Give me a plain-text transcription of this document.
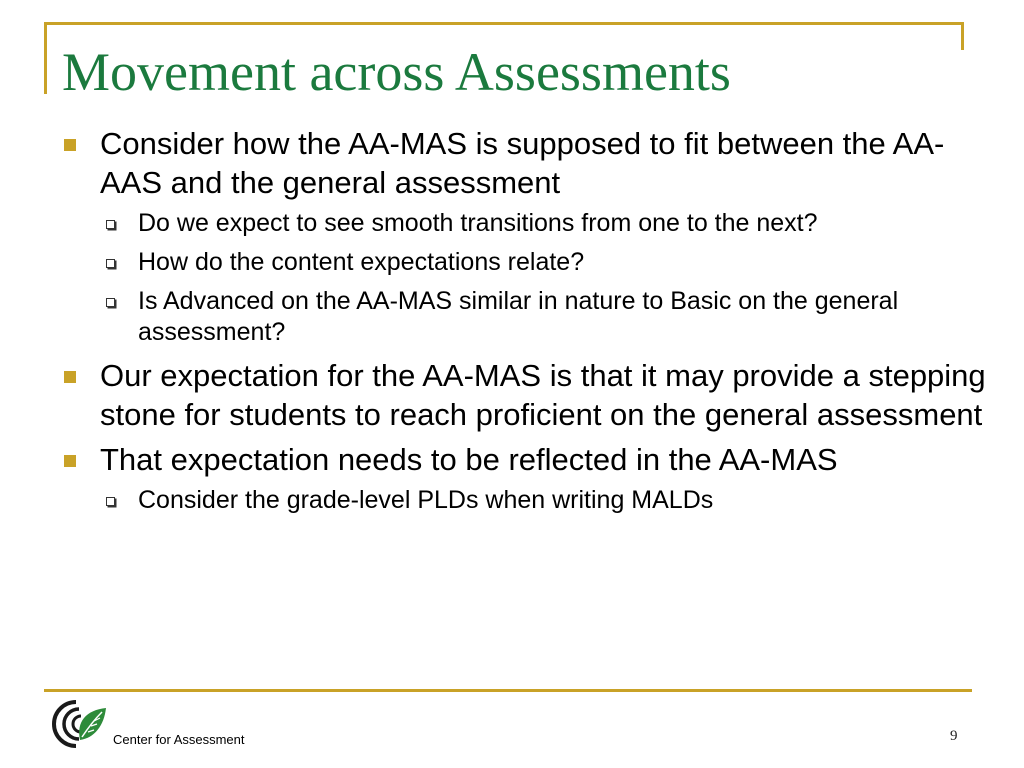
Movement across Assessments
Consider how the AA-MAS is supposed to fit between the AA-AAS and the general assessment
Do we expect to see smooth transitions from one to the next?
How do the content expectations relate?
Is Advanced on the AA-MAS similar in nature to Basic on the general assessment?
Our expectation for the AA-MAS is that it may provide a stepping stone for students to reach proficient on the general assessment
That expectation needs to be reflected in the AA-MAS
Consider the grade-level PLDs when writing MALDs
Center for Assessment	9
